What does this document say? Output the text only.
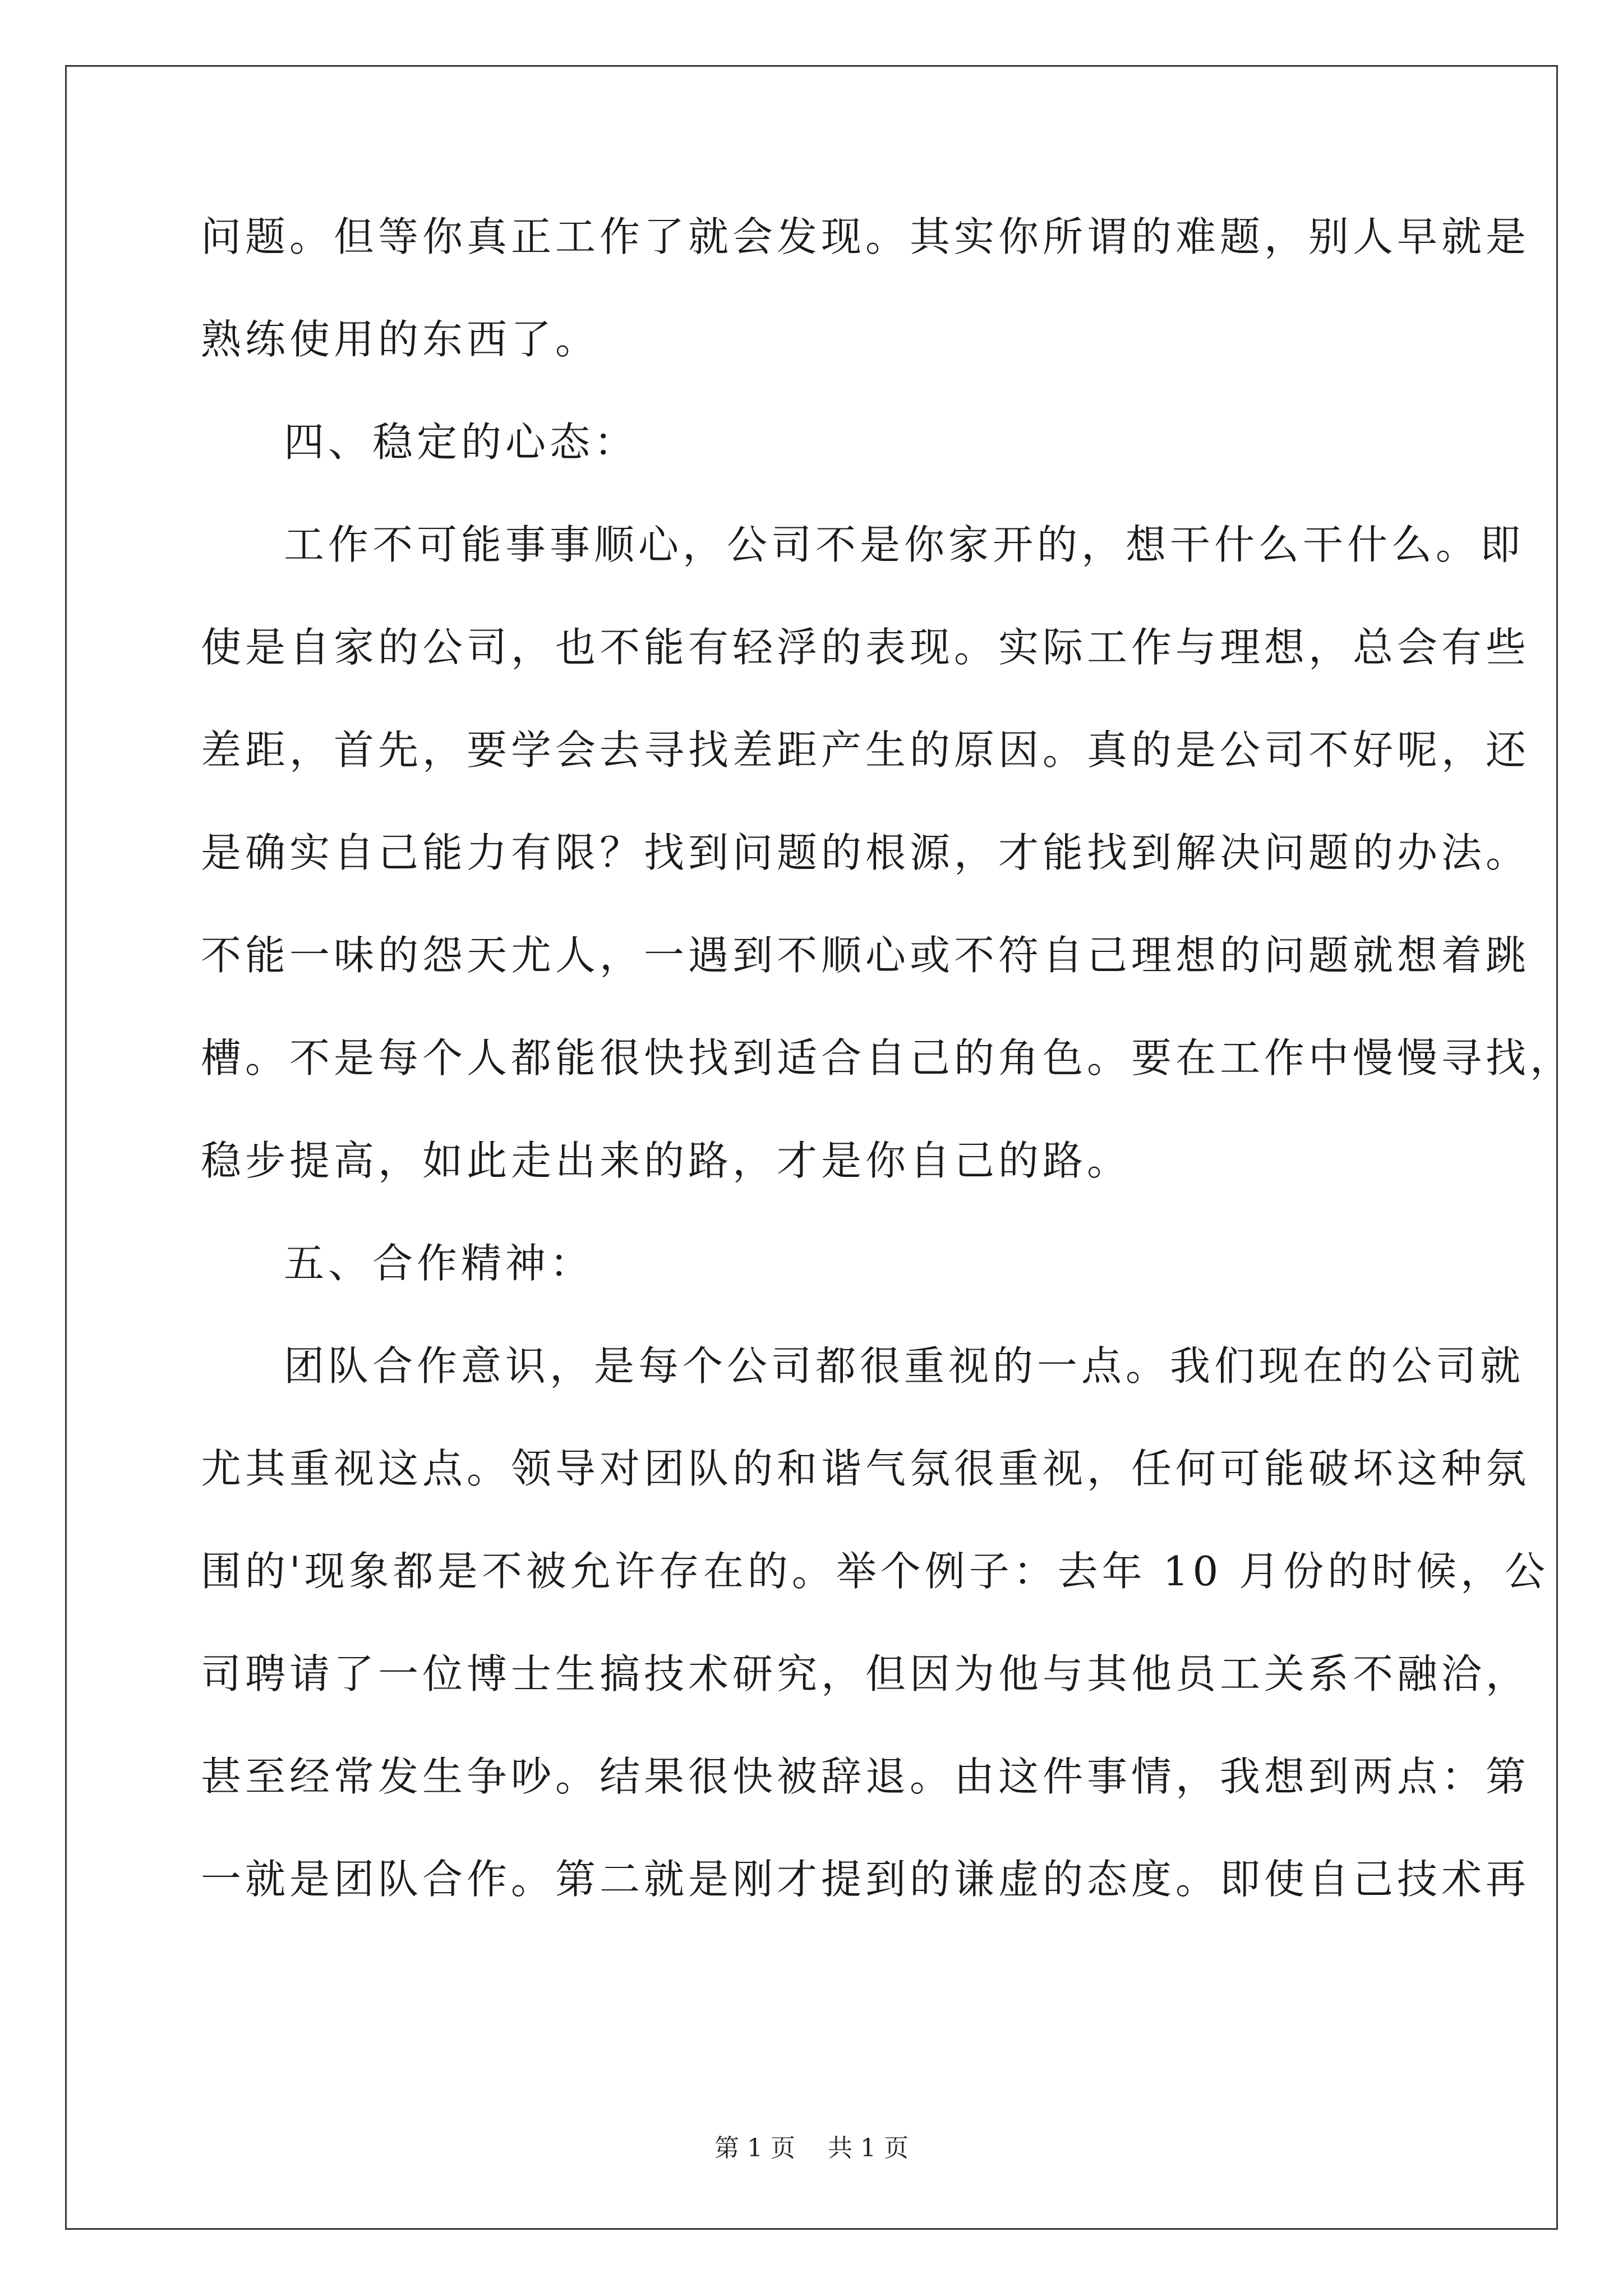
问题。但等你真正工作了就会发现。其实你所谓的难题，别人早就是
熟练使用的东西了。
四、稳定的心态：
工作不可能事事顺心，公司不是你家开的，想干什么干什么。即
使是自家的公司，也不能有轻浮的表现。实际工作与理想，总会有些
差距，首先，要学会去寻找差距产生的原因。真的是公司不好呢，还
是确实自己能力有限？找到问题的根源，才能找到解决问题的办法。
不能一味的怨天尤人，一遇到不顺心或不符自己理想的问题就想着跳
槽。不是每个人都能很快找到适合自己的角色。要在工作中慢慢寻找，
稳步提高，如此走出来的路，才是你自己的路。
五、合作精神：
团队合作意识，是每个公司都很重视的一点。我们现在的公司就
尤其重视这点。领导对团队的和谐气氛很重视，任何可能破坏这种氛
围的'现象都是不被允许存在的。举个例子：去年 10 月份的时候，公
司聘请了一位博士生搞技术研究，但因为他与其他员工关系不融洽，
甚至经常发生争吵。结果很快被辞退。由这件事情，我想到两点：第
一就是团队合作。第二就是刚才提到的谦虚的态度。即使自己技术再
第 1 页 共 1 页
